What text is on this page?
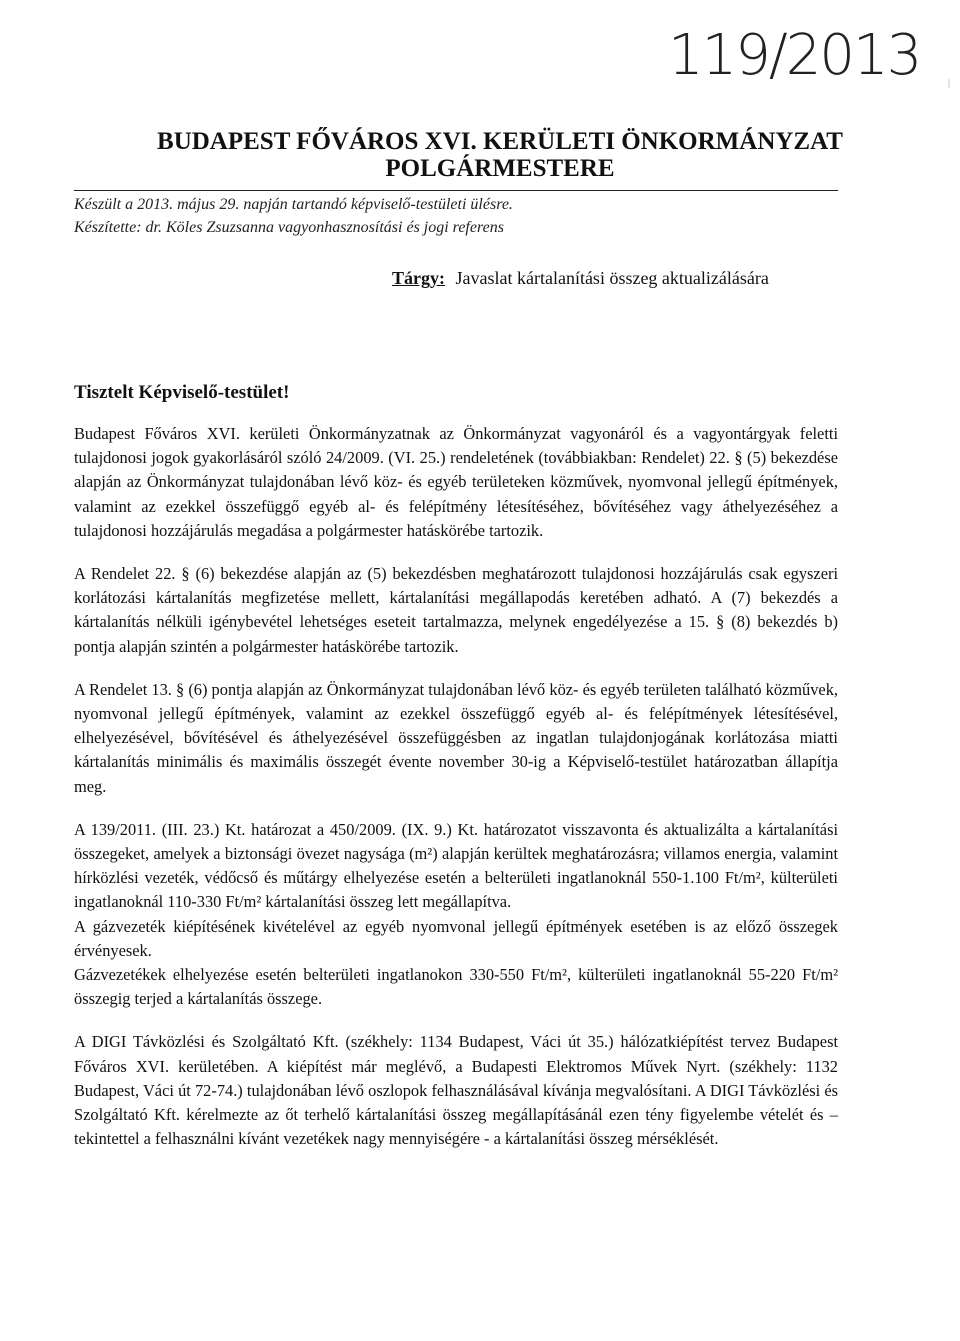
119/2013	|
BUDAPEST FŐVÁROS XVI. KERÜLETI ÖNKORMÁNYZAT
POLGÁRMESTERE
Készült a 2013. május 29. napján tartandó képviselő-testületi ülésre.
Készítette: dr. Köles Zsuzsanna vagyonhasznosítási és jogi referens
Tárgy: Javaslat kártalanítási összeg aktualizálására
Tisztelt Képviselő-testület!

Budapest Főváros XVI. kerületi Önkormányzatnak az Önkormányzat vagyonáról és a vagyontárgyak feletti tulajdonosi jogok gyakorlásáról szóló 24/2009. (VI. 25.) rendeletének (továbbiakban: Rendelet) 22. § (5) bekezdése alapján az Önkormányzat tulajdonában lévő köz- és egyéb területeken közművek, nyomvonal jellegű építmények, valamint az ezekkel összefüggő egyéb al- és felépítmény létesítéséhez, bővítéséhez vagy áthelyezéséhez a tulajdonosi hozzájárulás megadása a polgármester hatáskörébe tartozik.

A Rendelet 22. § (6) bekezdése alapján az (5) bekezdésben meghatározott tulajdonosi hozzájárulás csak egyszeri korlátozási kártalanítás megfizetése mellett, kártalanítási megállapodás keretében adható. A (7) bekezdés a kártalanítás nélküli igénybevétel lehetséges eseteit tartalmazza, melynek engedélyezése a 15. § (8) bekezdés b) pontja alapján szintén a polgármester hatáskörébe tartozik.

A Rendelet 13. § (6) pontja alapján az Önkormányzat tulajdonában lévő köz- és egyéb területen található közművek, nyomvonal jellegű építmények, valamint az ezekkel összefüggő egyéb al- és felépítmények létesítésével, elhelyezésével, bővítésével és áthelyezésével összefüggésben az ingatlan tulajdonjogának korlátozása miatti kártalanítás minimális és maximális összegét évente november 30-ig a Képviselő-testület határozatban állapítja meg.

A 139/2011. (III. 23.) Kt. határozat a 450/2009. (IX. 9.) Kt. határozatot visszavonta és aktualizálta a kártalanítási összegeket, amelyek a biztonsági övezet nagysága (m²) alapján kerültek meghatározásra; villamos energia, valamint hírközlési vezeték, védőcső és műtárgy elhelyezése esetén a belterületi ingatlanoknál 550-1.100 Ft/m², külterületi ingatlanoknál 110-330 Ft/m² kártalanítási összeg lett megállapítva.

A gázvezeték kiépítésének kivételével az egyéb nyomvonal jellegű építmények esetében is az előző összegek érvényesek.

Gázvezetékek elhelyezése esetén belterületi ingatlanokon 330-550 Ft/m², külterületi ingatlanoknál 55-220 Ft/m² összegig terjed a kártalanítás összege.

A DIGI Távközlési és Szolgáltató Kft. (székhely: 1134 Budapest, Váci út 35.) hálózatkiépítést tervez Budapest Főváros XVI. kerületében. A kiépítést már meglévő, a Budapesti Elektromos Művek Nyrt. (székhely: 1132 Budapest, Váci út 72-74.) tulajdonában lévő oszlopok felhasználásával kívánja megvalósítani. A DIGI Távközlési és Szolgáltató Kft. kérelmezte az őt terhelő kártalanítási összeg megállapításánál ezen tény figyelembe vételét és – tekintettel a felhasználni kívánt vezetékek nagy mennyiségére - a kártalanítási összeg mérséklését.
